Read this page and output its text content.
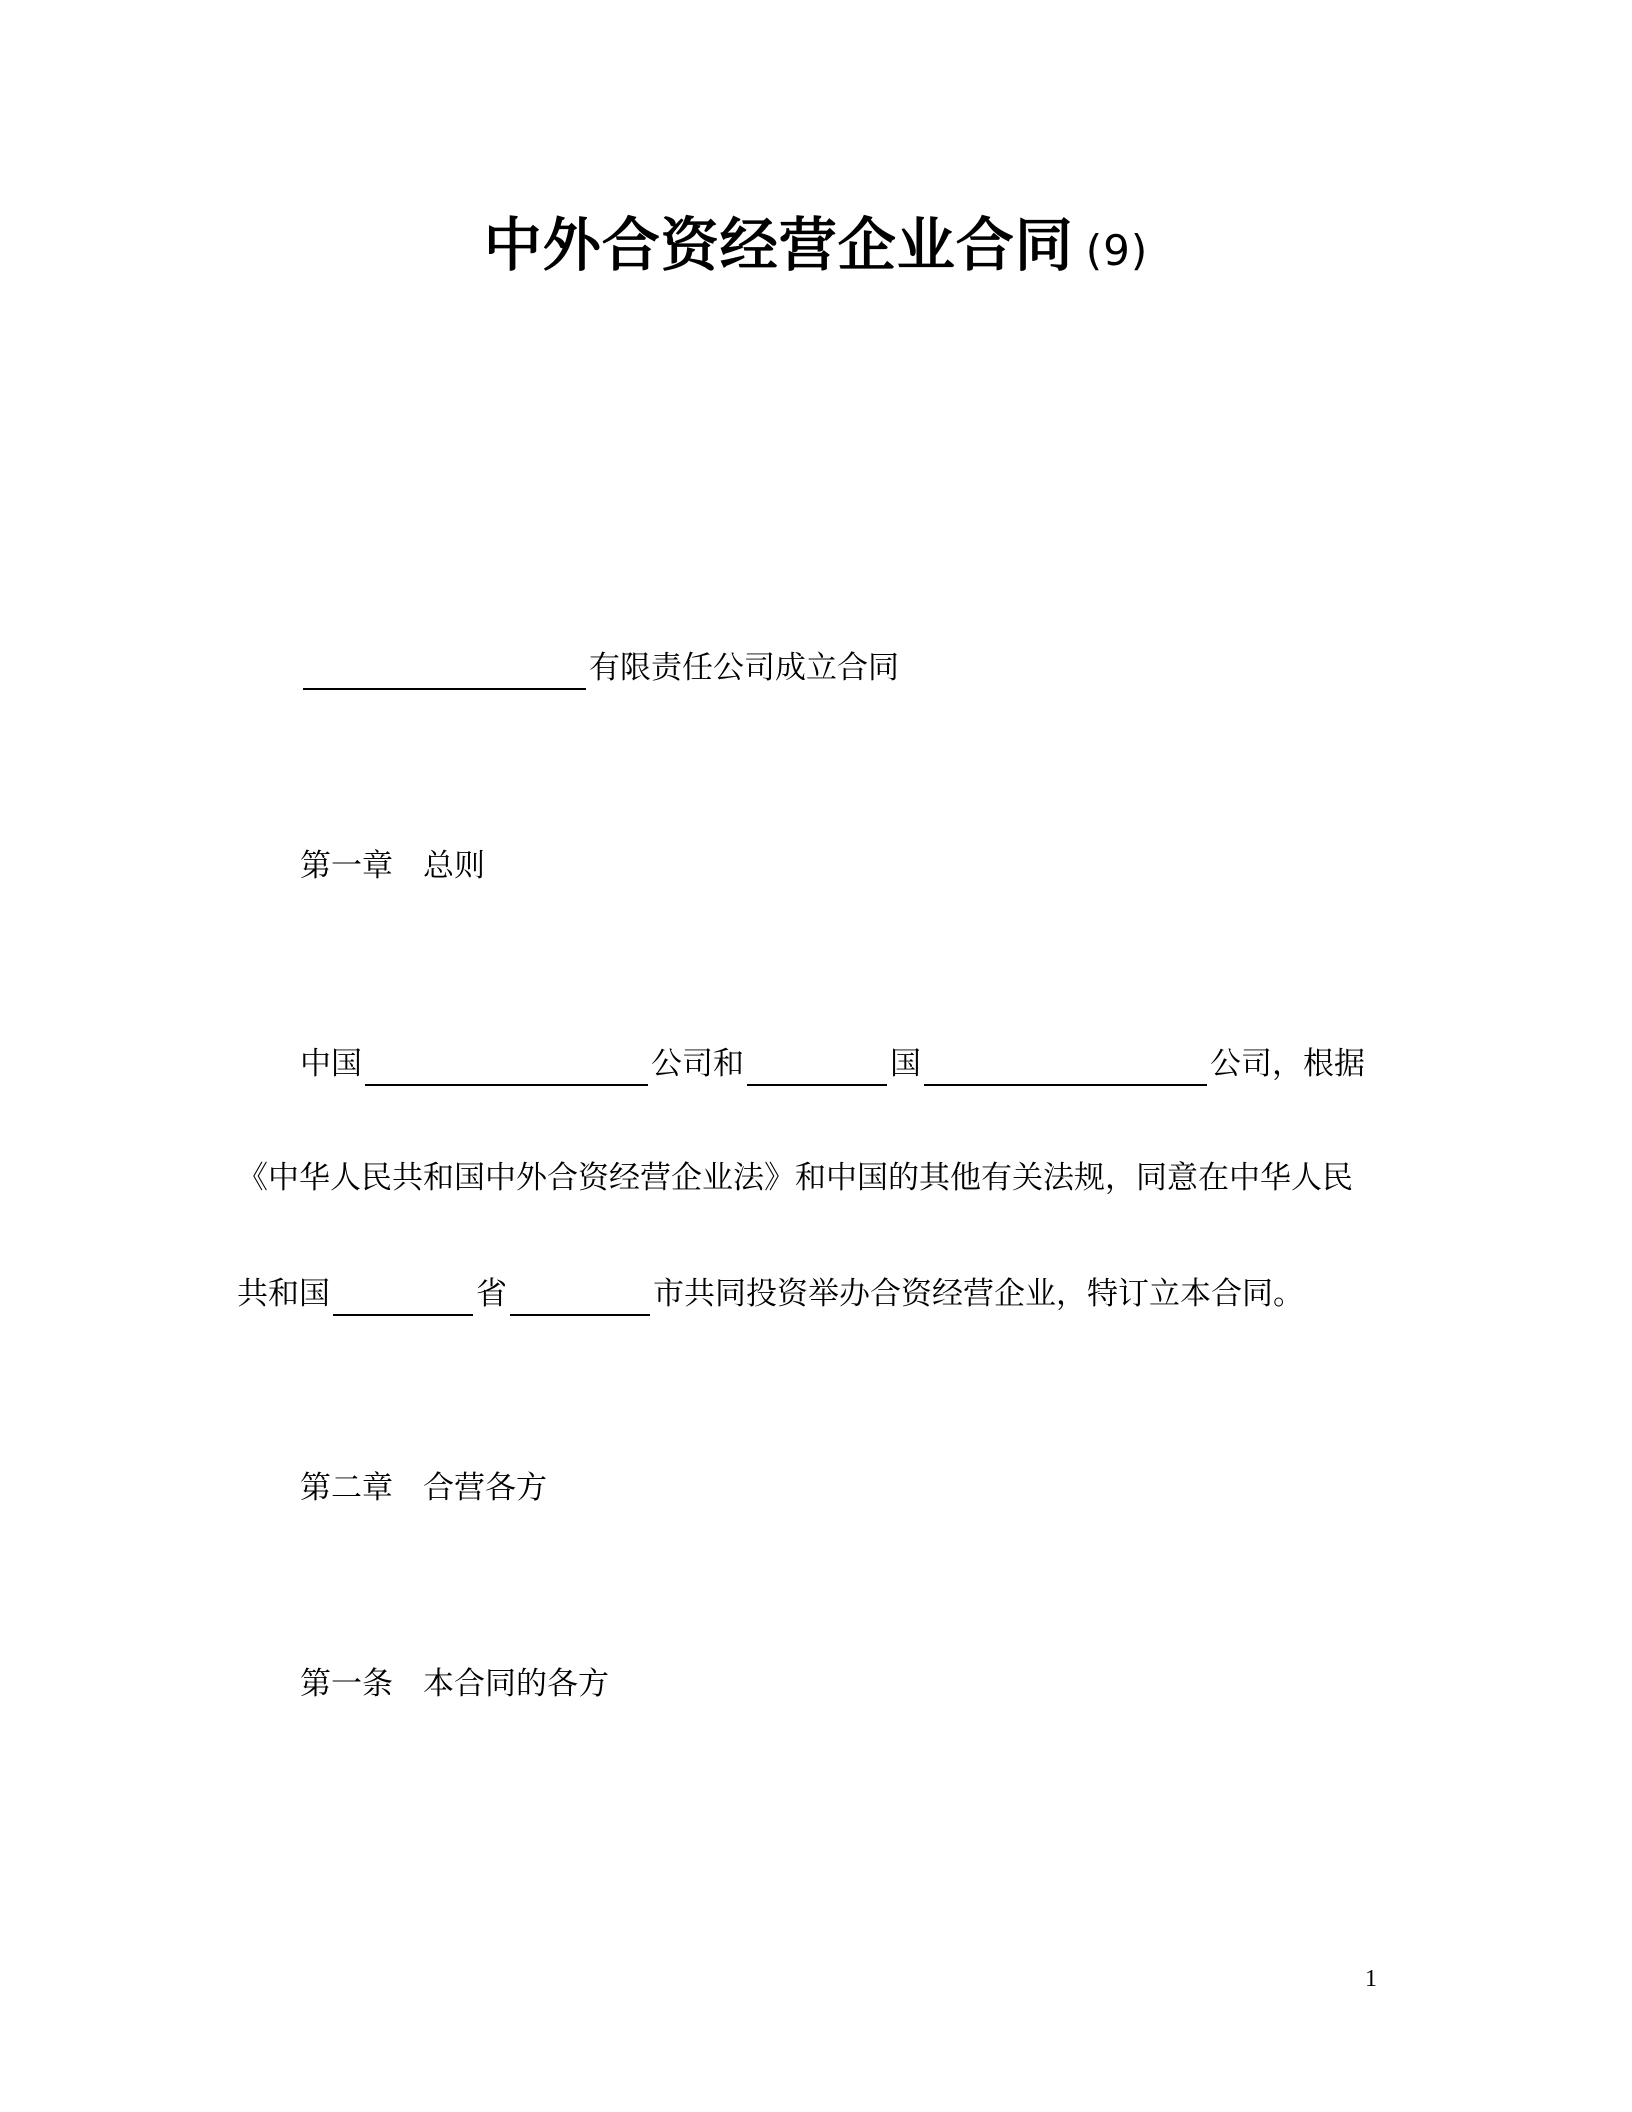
中外合资经营企业合同 (9)
有限责任公司成立合同
第一章 总则
中国	公司和	国	公司，根据
《中华人民共和国中外合资经营企业法》和中国的其他有关法规，同意在中华人民
共和国	省	市共同投资举办合资经营企业，特订立本合同。
第二章 合营各方
第一条 本合同的各方
1
